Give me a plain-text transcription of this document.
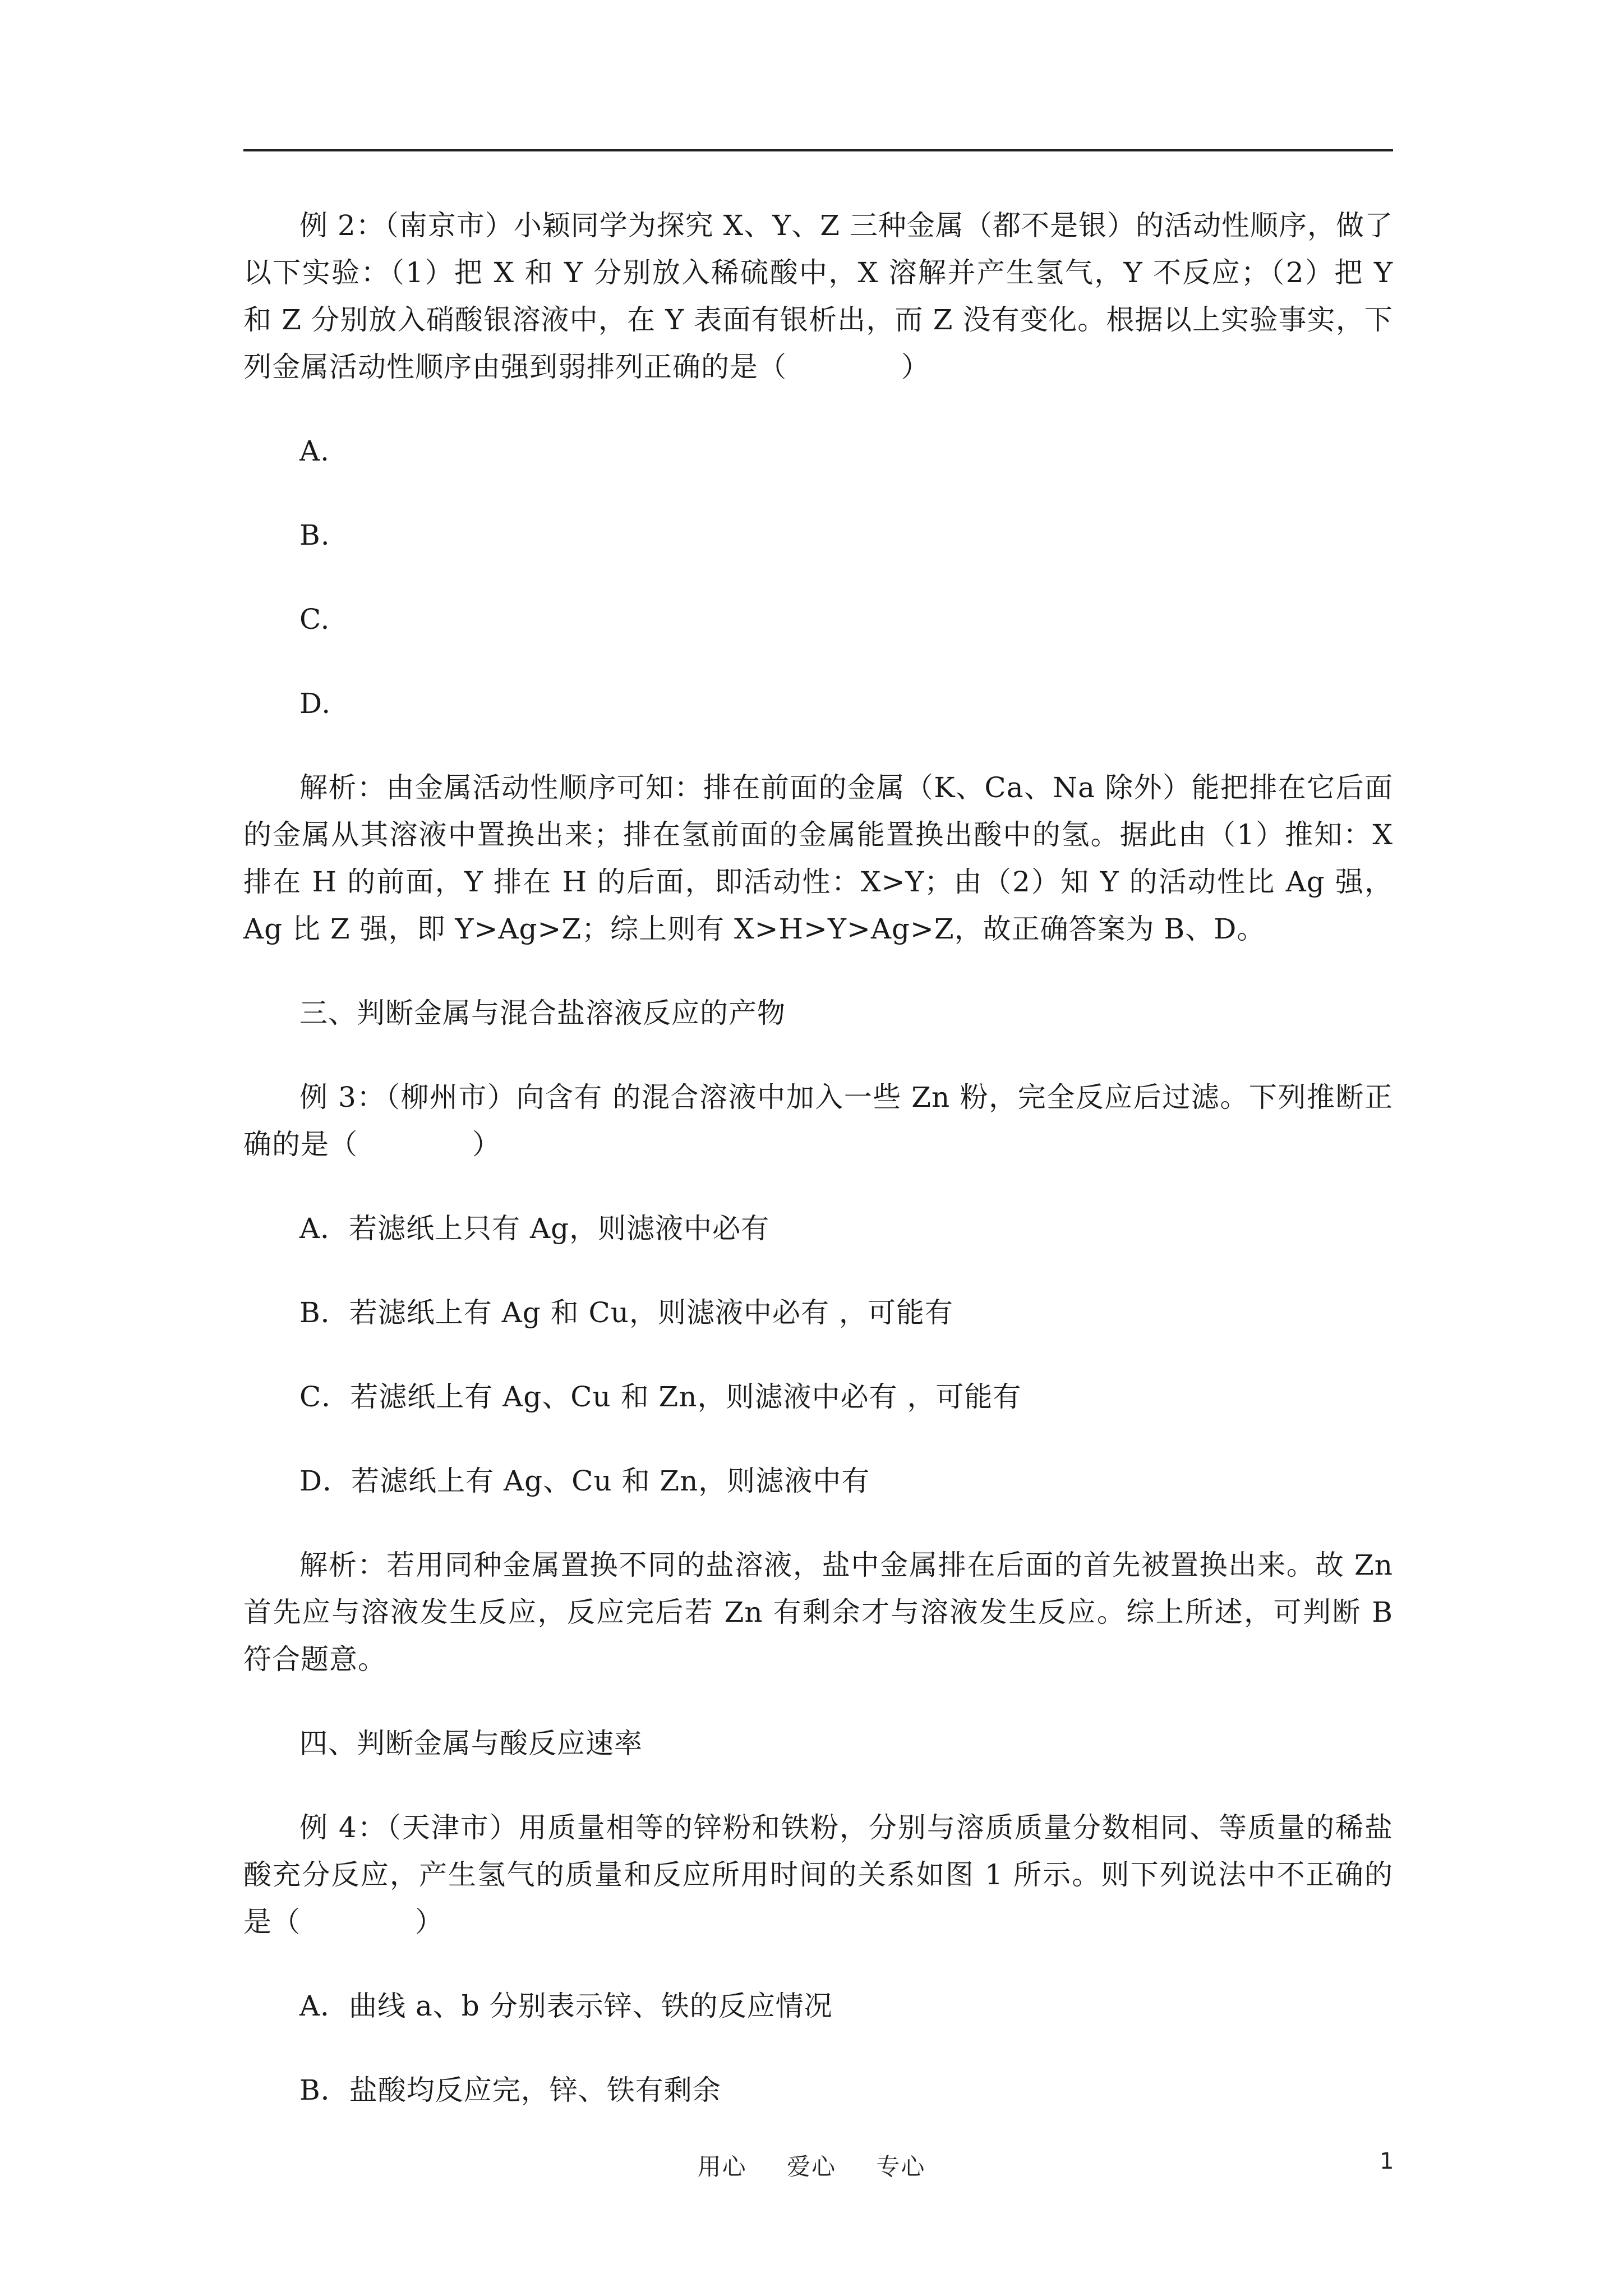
例 2：（南京市）小颖同学为探究 X、Y、Z 三种金属（都不是银）的活动性顺序，做了以下实验：（1）把 X 和 Y 分别放入稀硫酸中，X 溶解并产生氢气，Y 不反应；（2）把 Y 和 Z 分别放入硝酸银溶液中，在 Y 表面有银析出，而 Z 没有变化。根据以上实验事实，下列金属活动性顺序由强到弱排列正确的是（　　　　）

A.

B.

C.

D.

解析：由金属活动性顺序可知：排在前面的金属（K、Ca、Na 除外）能把排在它后面的金属从其溶液中置换出来；排在氢前面的金属能置换出酸中的氢。据此由（1）推知：X 排在 H 的前面，Y 排在 H 的后面，即活动性：X>Y；由（2）知 Y 的活动性比 Ag 强，Ag 比 Z 强，即 Y>Ag>Z；综上则有 X>H>Y>Ag>Z，故正确答案为 B、D。

三、判断金属与混合盐溶液反应的产物

例 3：（柳州市）向含有 的混合溶液中加入一些 Zn 粉，完全反应后过滤。下列推断正确的是（　　　　）

A．若滤纸上只有 Ag，则滤液中必有

B．若滤纸上有 Ag 和 Cu，则滤液中必有 ，可能有

C．若滤纸上有 Ag、Cu 和 Zn，则滤液中必有 ，可能有

D．若滤纸上有 Ag、Cu 和 Zn，则滤液中有

解析：若用同种金属置换不同的盐溶液，盐中金属排在后面的首先被置换出来。故 Zn 首先应与溶液发生反应，反应完后若 Zn 有剩余才与溶液发生反应。综上所述，可判断 B 符合题意。

四、判断金属与酸反应速率

例 4：（天津市）用质量相等的锌粉和铁粉，分别与溶质质量分数相同、等质量的稀盐酸充分反应，产生氢气的质量和反应所用时间的关系如图 1 所示。则下列说法中不正确的是（　　　　）

A．曲线 a、b 分别表示锌、铁的反应情况

B．盐酸均反应完，锌、铁有剩余

用心 爱心 专心	1
